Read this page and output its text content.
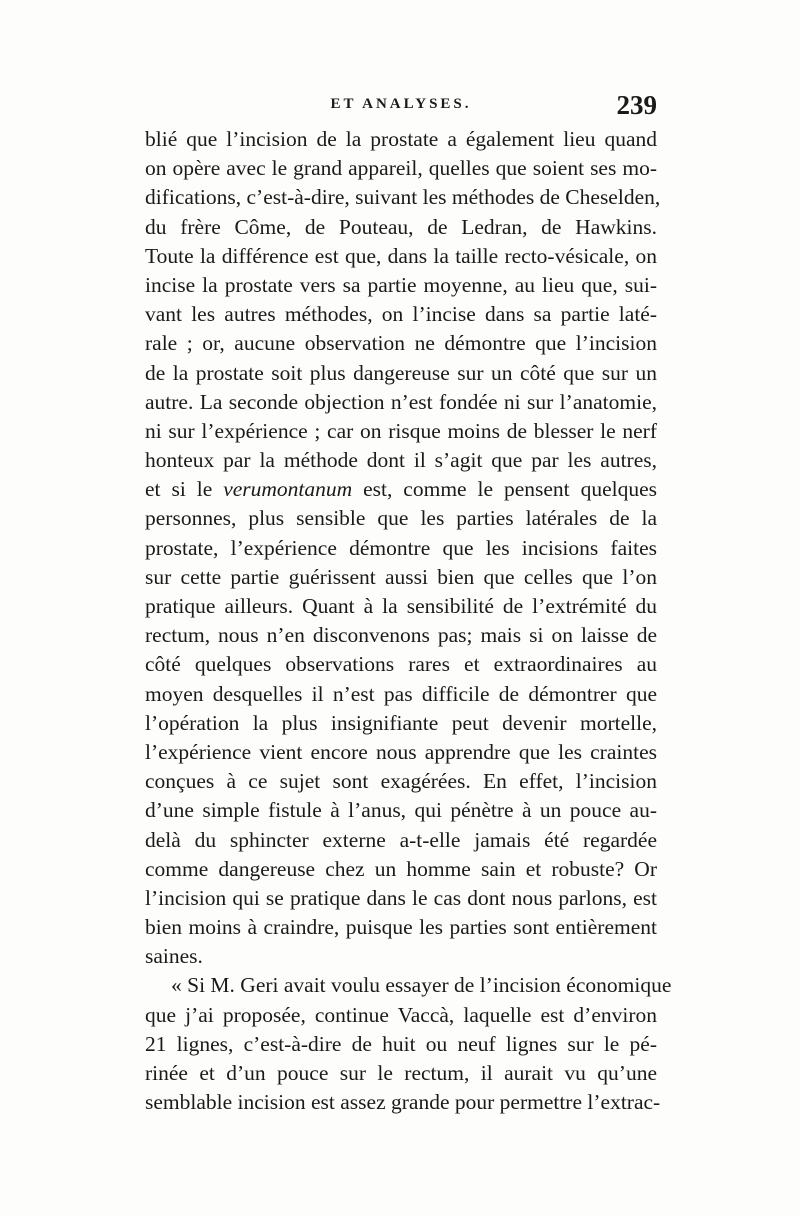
ET ANALYSES.	239
blié que l’incision de la prostate a également lieu quand
on opère avec le grand appareil, quelles que soient ses mo-
difications, c’est-à-dire, suivant les méthodes de Cheselden,
du frère Côme, de Pouteau, de Ledran, de Hawkins.
Toute la différence est que, dans la taille recto-vésicale, on
incise la prostate vers sa partie moyenne, au lieu que, sui-
vant les autres méthodes, on l’incise dans sa partie laté-
rale ; or, aucune observation ne démontre que l’incision
de la prostate soit plus dangereuse sur un côté que sur un
autre. La seconde objection n’est fondée ni sur l’anatomie,
ni sur l’expérience ; car on risque moins de blesser le nerf
honteux par la méthode dont il s’agit que par les autres,
et si le verumontanum est, comme le pensent quelques
personnes, plus sensible que les parties latérales de la
prostate, l’expérience démontre que les incisions faites
sur cette partie guérissent aussi bien que celles que l’on
pratique ailleurs. Quant à la sensibilité de l’extrémité du
rectum, nous n’en disconvenons pas; mais si on laisse de
côté quelques observations rares et extraordinaires au
moyen desquelles il n’est pas difficile de démontrer que
l’opération la plus insignifiante peut devenir mortelle,
l’expérience vient encore nous apprendre que les craintes
conçues à ce sujet sont exagérées. En effet, l’incision
d’une simple fistule à l’anus, qui pénètre à un pouce au-
delà du sphincter externe a-t-elle jamais été regardée
comme dangereuse chez un homme sain et robuste? Or
l’incision qui se pratique dans le cas dont nous parlons, est
bien moins à craindre, puisque les parties sont entièrement
saines.
« Si M. Geri avait voulu essayer de l’incision économique
que j’ai proposée, continue Vaccà, laquelle est d’environ
21 lignes, c’est-à-dire de huit ou neuf lignes sur le pé-
rinée et d’un pouce sur le rectum, il aurait vu qu’une
semblable incision est assez grande pour permettre l’extrac-
